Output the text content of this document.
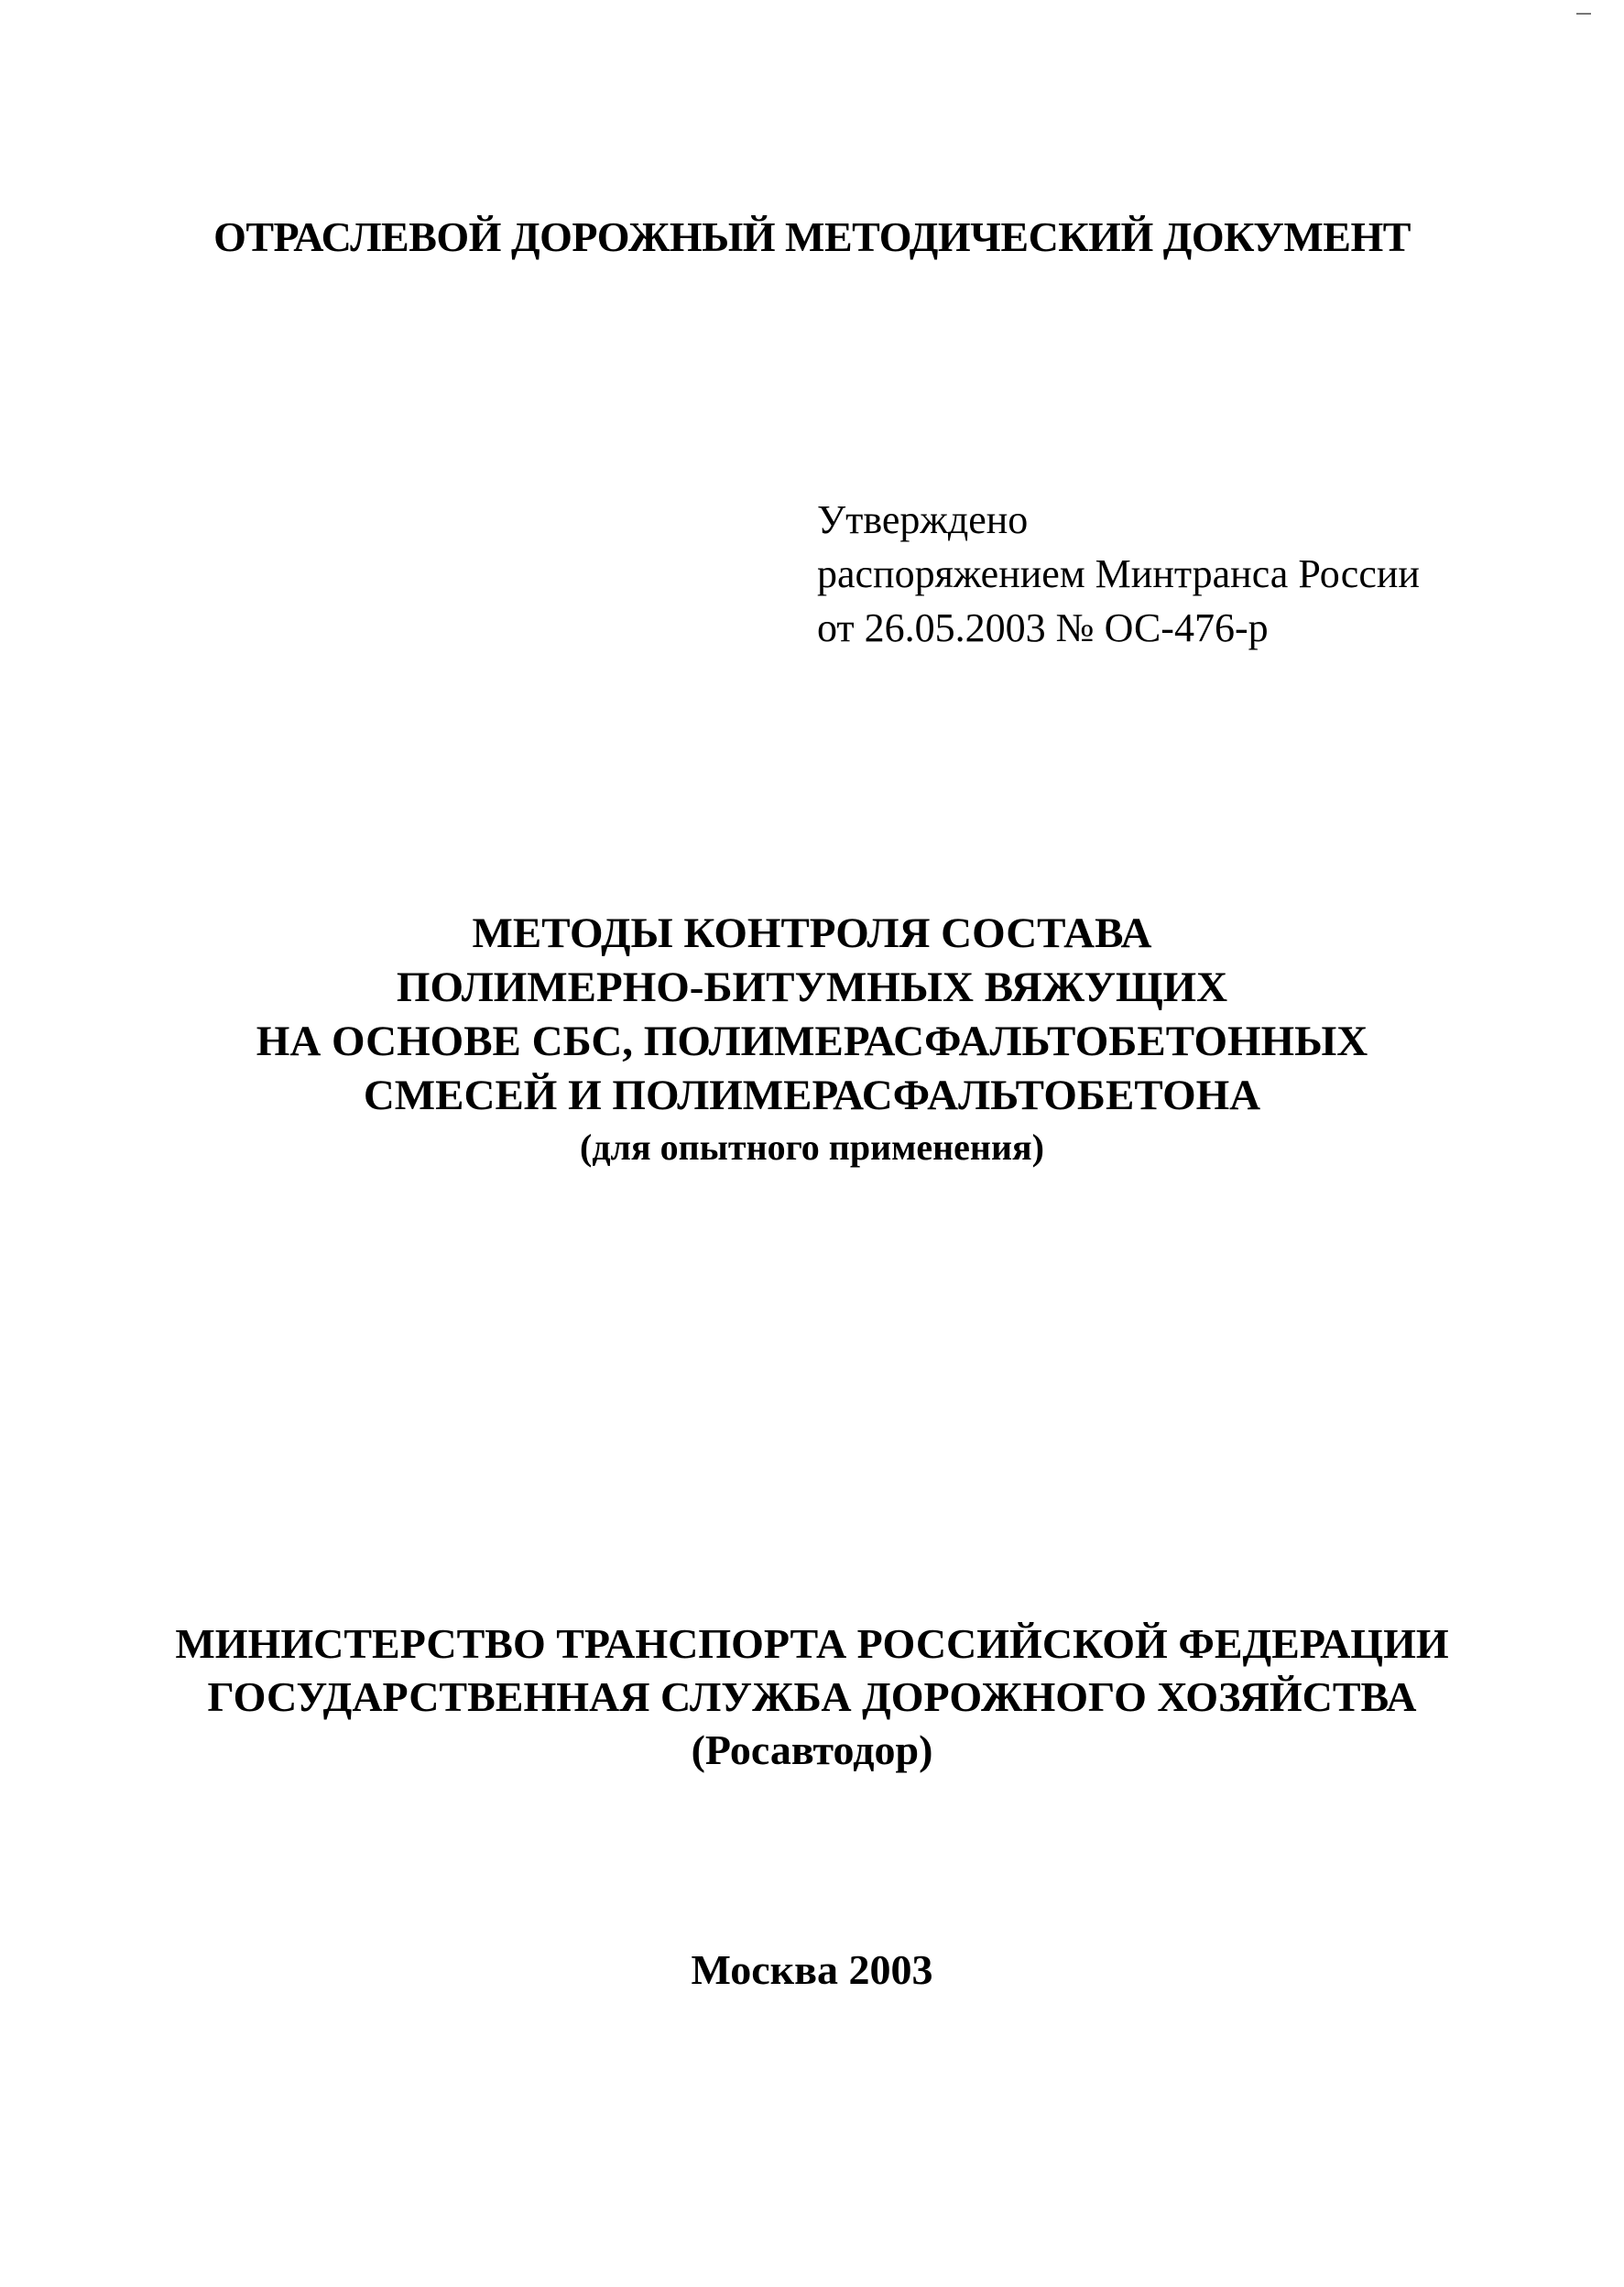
ОТРАСЛЕВОЙ ДОРОЖНЫЙ МЕТОДИЧЕСКИЙ ДОКУМЕНТ
Утверждено
распоряжением Минтранса России
от 26.05.2003 № ОС-476-р
МЕТОДЫ КОНТРОЛЯ СОСТАВА
ПОЛИМЕРНО-БИТУМНЫХ ВЯЖУЩИХ
НА ОСНОВЕ СБС, ПОЛИМЕРАСФАЛЬТОБЕТОННЫХ
СМЕСЕЙ И ПОЛИМЕРАСФАЛЬТОБЕТОНА
(для опытного применения)
МИНИСТЕРСТВО ТРАНСПОРТА РОССИЙСКОЙ ФЕДЕРАЦИИ
ГОСУДАРСТВЕННАЯ СЛУЖБА ДОРОЖНОГО ХОЗЯЙСТВА
(Росавтодор)
Москва 2003
